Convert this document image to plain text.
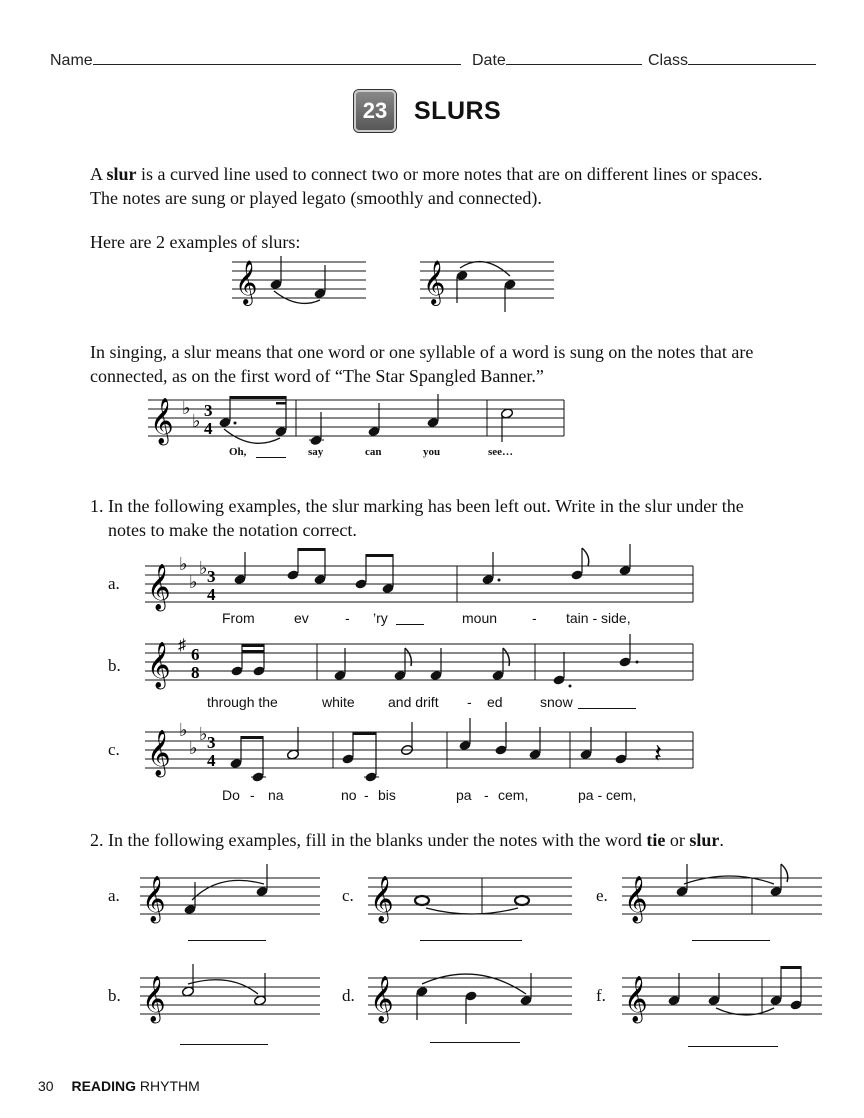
Name	Date	Class
23	SLURS
A slur is a curved line used to connect two or more notes that are on different lines or spaces. The notes are sung or played legato (smoothly and connected).
Here are 2 examples of slurs:
𝄞	𝄞
In singing, a slur means that one word or one syllable of a word is sung on the notes that are connected, as on the first word of “The Star Spangled Banner.”
𝄞 ♭
♭
3
4
Oh,	say	can	you	see…
1. In the following examples, the slur marking has been left out. Write in the slur under the notes to make the notation correct.
a. 𝄞 ♭
♭
♭ 3
4
From	ev	- ’ry	moun - tain - side,
b. 𝄞 ♯ 6
8
through the	white and drift - ed	snow
c. 𝄞 ♭
♭
♭ 3
4	𝄽
Do - na	no - bis	pa - cem,	pa - cem,
2. In the following examples, fill in the blanks under the notes with the word tie or slur.
a.
b.
c.
d.
e.
f.
𝄞
𝄞
𝄞
𝄞
𝄞
𝄞
30 READING RHYTHM
